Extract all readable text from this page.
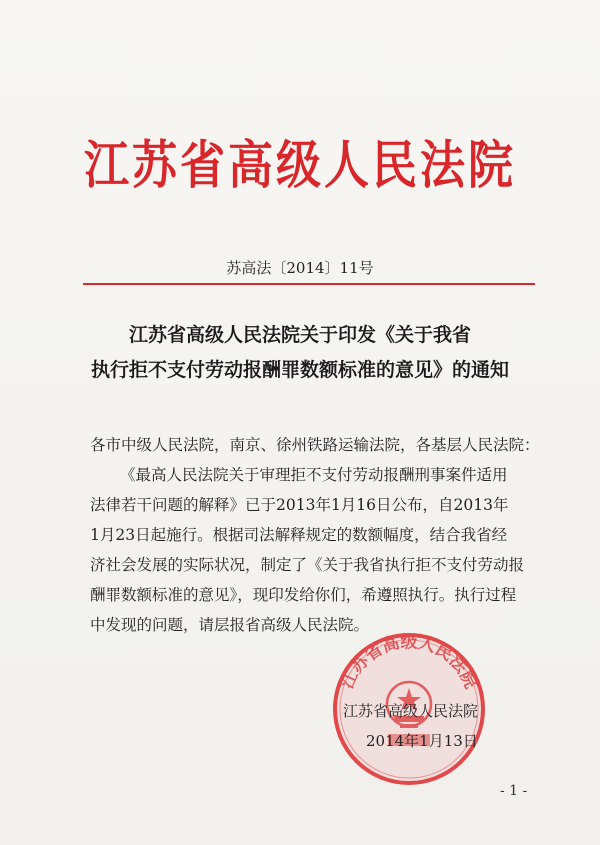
江苏省高级人民法院
苏高法〔2014〕11号
江苏省高级人民法院关于印发《关于我省
执行拒不支付劳动报酬罪数额标准的意见》的通知
各市中级人民法院，南京、徐州铁路运输法院，各基层人民法院：
《最高人民法院关于审理拒不支付劳动报酬刑事案件适用
法律若干问题的解释》已于2013年1月16日公布，自2013年
1月23日起施行。根据司法解释规定的数额幅度，结合我省经
济社会发展的实际状况，制定了《关于我省执行拒不支付劳动报
酬罪数额标准的意见》，现印发给你们，希遵照执行。执行过程
中发现的问题，请层报省高级人民法院。
江苏省高级人民法院
江苏省高级人民法院
2014年1月13日
- 1 -
